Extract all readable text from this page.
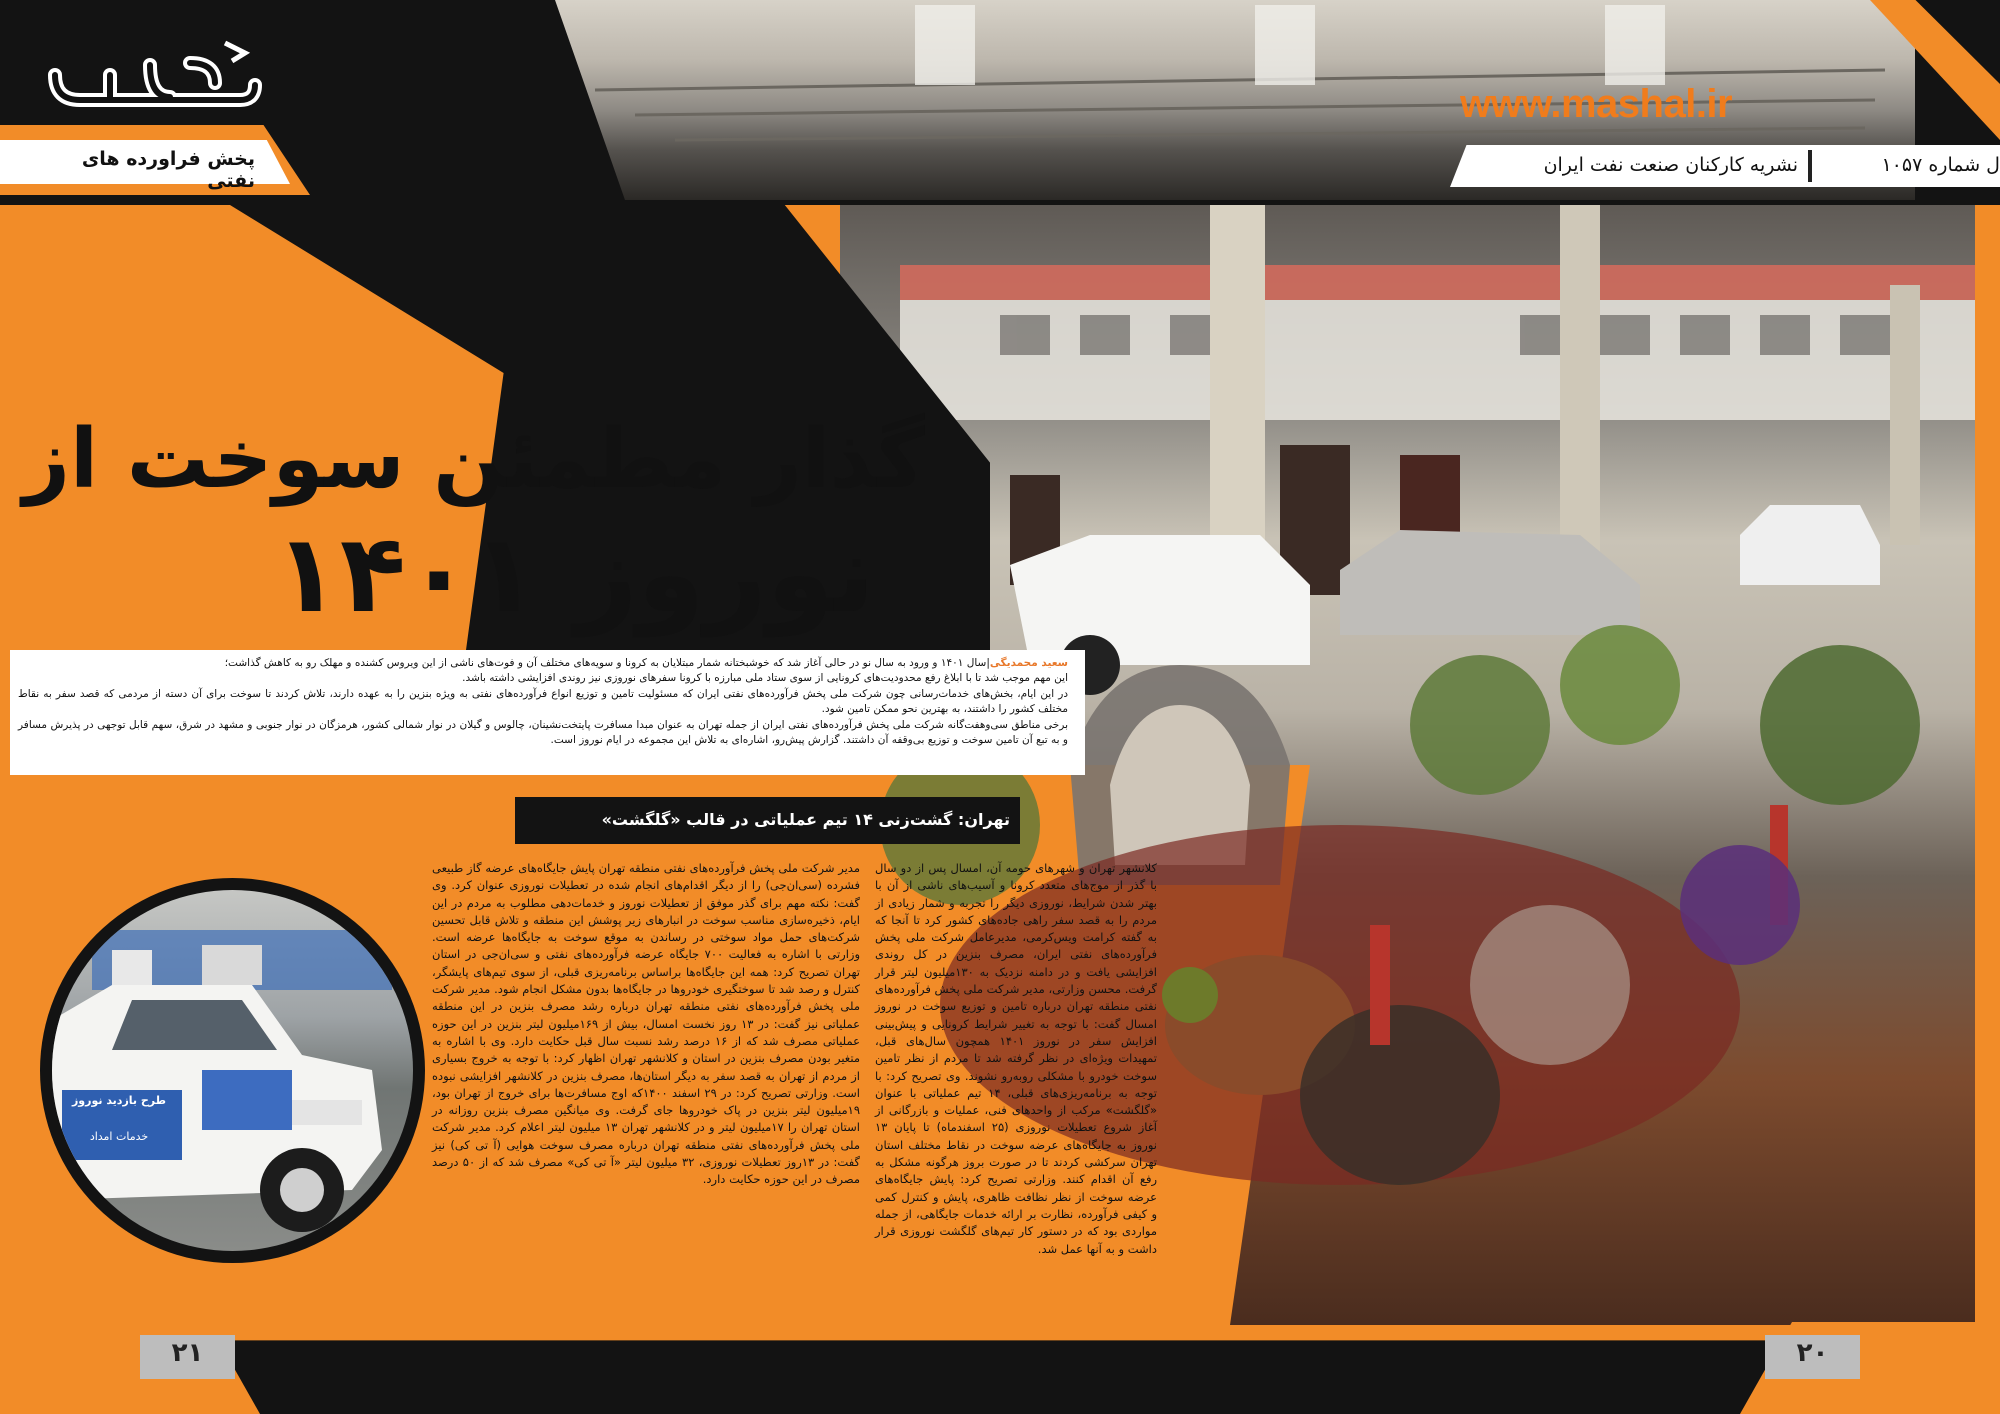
پخش فراورده های نفتی
www.mashal.ir
نشریه کارکنان صنعت نفت ایران	ل شماره ۱۰۵۷
گذار مطمئن سوخت از
نوروز ۱۴۰۱

سعید محمدیگی|سال ۱۴۰۱ و ورود به سال نو در حالی آغاز شد که خوشبختانه شمار مبتلایان به کرونا و سویه‌های مختلف آن و فوت‌های ناشی از این ویروس کشنده و مهلک رو به کاهش گذاشت؛

این مهم موجب شد تا با ابلاغ رفع محدودیت‌های کرونایی از سوی ستاد ملی مبارزه با کرونا سفرهای نوروزی نیز روندی افزایشی داشته باشد.

در این ایام، بخش‌های خدمات‌رسانی چون شرکت ملی پخش فرآورده‌های نفتی ایران که مسئولیت تامین و توزیع انواع فرآورده‌های نفتی به ویژه بنزین را به عهده دارند، تلاش کردند تا سوخت برای آن دسته از مردمی که قصد سفر به نقاط مختلف کشور را داشتند، به بهترین نحو ممکن تامین شود.

برخی مناطق سی‌وهفت‌گانه شرکت ملی پخش فرآورده‌های نفتی ایران از جمله تهران به عنوان مبدا مسافرت پایتخت‌نشینان، چالوس و گیلان در نوار شمالی کشور، هرمزگان در نوار جنوبی و مشهد در شرق، سهم قابل توجهی در پذیرش مسافر و به تبع آن تامین سوخت و توزیع بی‌وقفه آن داشتند. گزارش پیش‌رو، اشاره‌ای به تلاش این مجموعه در ایام نوروز است.

تهران: گشت‌زنی ۱۴ تیم عملیاتی در قالب «گلگشت»

کلانشهر تهران و شهرهای حومه آن، امسال پس از دو سال با گذر از موج‌های متعدد کرونا و آسیب‌های ناشی از آن با بهتر شدن شرایط، نوروزی دیگر را تجربه و شمار زیادی از مردم را به قصد سفر راهی جاده‌های کشور کرد تا آنجا که به گفته کرامت ویس‌کرمی، مدیرعامل شرکت ملی پخش فرآورده‌های نفتی ایران، مصرف بنزین در کل روندی افزایشی یافت و در دامنه نزدیک به ۱۳۰میلیون لیتر قرار گرفت. محسن وزارتی، مدیر شرکت ملی پخش فرآورده‌های نفتی منطقه تهران درباره تامین و توزیع سوخت در نوروز امسال گفت: با توجه به تغییر شرایط کرونایی و پیش‌بینی افزایش سفر در نوروز ۱۴۰۱ همچون سال‌های قبل، تمهیدات ویژه‌ای در نظر گرفته شد تا مردم از نظر تامین سوخت خودرو با مشکلی روبه‌رو نشوند. وی تصریح کرد: با توجه به برنامه‌ریزی‌های قبلی، ۱۴ تیم عملیاتی با عنوان «گلگشت» مرکب از واحدهای فنی، عملیات و بازرگانی از آغاز شروع تعطیلات نوروزی (۲۵ اسفندماه) تا پایان ۱۳ نوروز به جایگاه‌های عرضه سوخت در نقاط مختلف استان تهران سرکشی کردند تا در صورت بروز هرگونه مشکل به رفع آن اقدام کنند. وزارتی تصریح کرد: پایش جایگاه‌های عرضه سوخت از نظر نظافت ظاهری، پایش و کنترل کمی و کیفی فرآورده، نظارت بر ارائه خدمات جایگاهی، از جمله مواردی بود که در دستور کار تیم‌های گلگشت نوروزی قرار داشت و به آنها عمل شد.

مدیر شرکت ملی پخش فرآورده‌های نفتی منطقه تهران پایش جایگاه‌های عرضه گاز طبیعی فشرده (سی‌ان‌جی) را از دیگر اقدام‌های انجام شده در تعطیلات نوروزی عنوان کرد. وی گفت: نکته مهم برای گذر موفق از تعطیلات نوروز و خدمات‌دهی مطلوب به مردم در این ایام، ذخیره‌سازی مناسب سوخت در انبارهای زیر پوشش این منطقه و تلاش قابل تحسین شرکت‌های حمل مواد سوختی در رساندن به موقع سوخت به جایگاه‌ها عرضه است. وزارتی با اشاره به فعالیت ۷۰۰ جایگاه عرضه فرآورده‌های نفتی و سی‌ان‌جی در استان تهران تصریح کرد: همه این جایگاه‌ها براساس برنامه‌ریزی قبلی، از سوی تیم‌های پایشگر، کنترل و رصد شد تا سوختگیری خودروها در جایگاه‌ها بدون مشکل انجام شود. مدیر شرکت ملی پخش فرآورده‌های نفتی منطقه تهران درباره رشد مصرف بنزین در این منطقه عملیاتی نیز گفت: در ۱۳ روز نخست امسال، بیش از ۱۶۹میلیون لیتر بنزین در این حوزه عملیاتی مصرف شد که از ۱۶ درصد رشد نسبت سال قبل حکایت دارد. وی با اشاره به متغیر بودن مصرف بنزین در استان و کلانشهر تهران اظهار کرد: با توجه به خروج بسیاری از مردم از تهران به قصد سفر به دیگر استان‌ها، مصرف بنزین در کلانشهر افزایشی نبوده است. وزارتی تصریح کرد: در ۲۹ اسفند ۱۴۰۰که اوج مسافرت‌ها برای خروج از تهران بود، ۱۹میلیون لیتر بنزین در پاک خودروها جای گرفت. وی میانگین مصرف بنزین روزانه در استان تهران را ۱۷میلیون لیتر و در کلانشهر تهران ۱۳ میلیون لیتر اعلام کرد. مدیر شرکت ملی پخش فرآورده‌های نفتی منطقه تهران درباره مصرف سوخت هوایی (آ تی کی) نیز گفت: در ۱۳روز تعطیلات نوروزی، ۳۲ میلیون لیتر «آ تی کی» مصرف شد که از ۵۰ درصد مصرف در این حوزه حکایت دارد.

طرح بازدید نوروز
خدمات امداد
۲۱	۲۰
